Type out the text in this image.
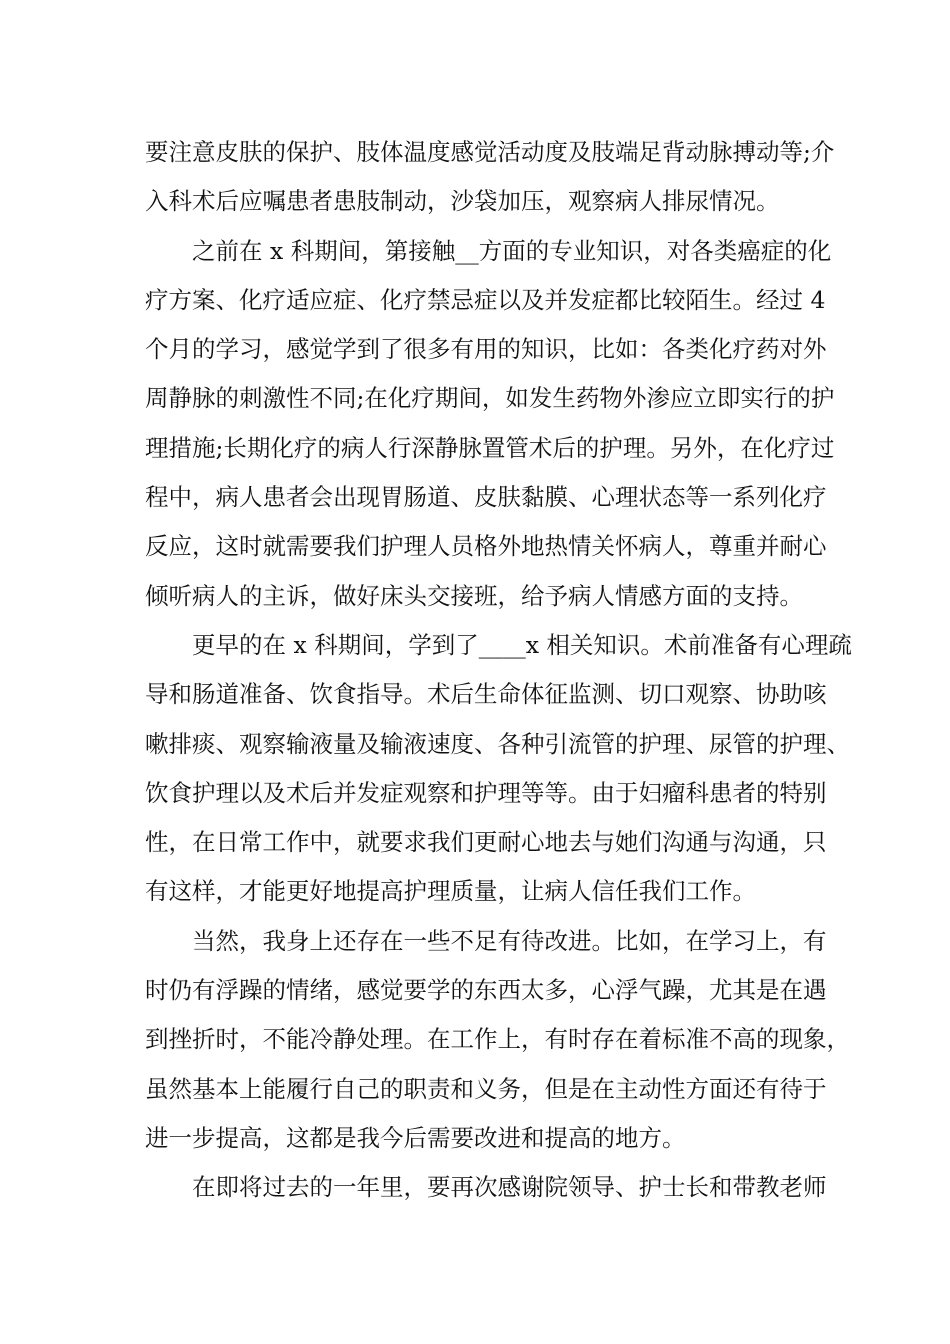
要注意皮肤的保护、肢体温度感觉活动度及肢端足背动脉搏动等;介
入科术后应嘱患者患肢制动，沙袋加压，观察病人排尿情况。
之前在 x 科期间，第接触__方面的专业知识，对各类癌症的化
疗方案、化疗适应症、化疗禁忌症以及并发症都比较陌生。经过 4
个月的学习，感觉学到了很多有用的知识，比如：各类化疗药对外
周静脉的刺激性不同;在化疗期间，如发生药物外渗应立即实行的护
理措施;长期化疗的病人行深静脉置管术后的护理。另外，在化疗过
程中，病人患者会出现胃肠道、皮肤黏膜、心理状态等一系列化疗
反应，这时就需要我们护理人员格外地热情关怀病人，尊重并耐心
倾听病人的主诉，做好床头交接班，给予病人情感方面的支持。
更早的在 x 科期间，学到了____x 相关知识。术前准备有心理疏
导和肠道准备、饮食指导。术后生命体征监测、切口观察、协助咳
嗽排痰、观察输液量及输液速度、各种引流管的护理、尿管的护理、
饮食护理以及术后并发症观察和护理等等。由于妇瘤科患者的特别
性，在日常工作中，就要求我们更耐心地去与她们沟通与沟通，只
有这样，才能更好地提高护理质量，让病人信任我们工作。
当然，我身上还存在一些不足有待改进。比如，在学习上，有
时仍有浮躁的情绪，感觉要学的东西太多，心浮气躁，尤其是在遇
到挫折时，不能冷静处理。在工作上，有时存在着标准不高的现象，
虽然基本上能履行自己的职责和义务，但是在主动性方面还有待于
进一步提高，这都是我今后需要改进和提高的地方。
在即将过去的一年里，要再次感谢院领导、护士长和带教老师
